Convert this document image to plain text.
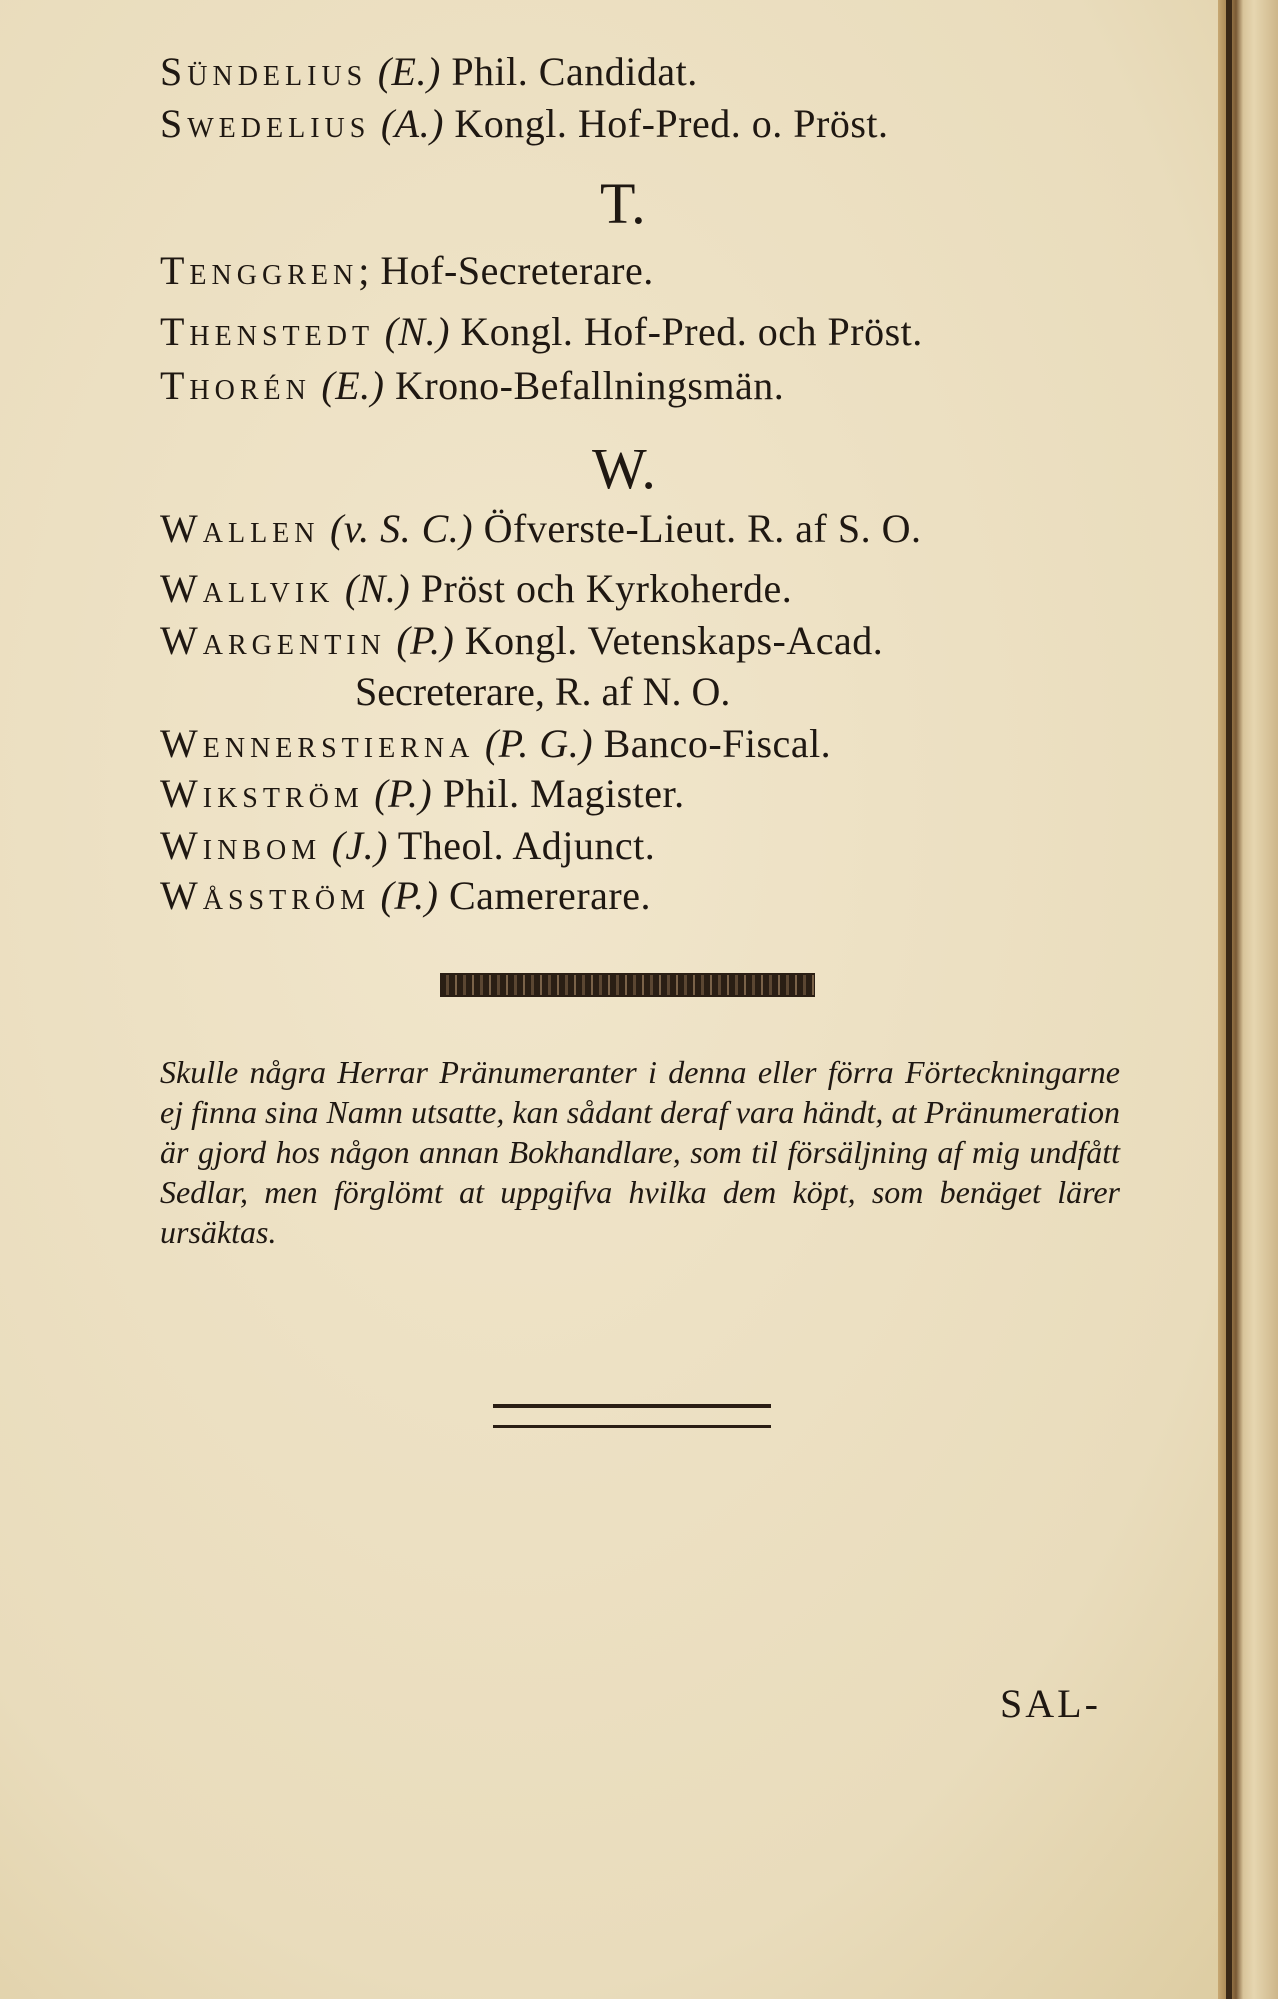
Sündelius (E.) Phil. Candidat.
Swedelius (A.) Kongl. Hof-Pred. o. Pröst.
T.
Tenggren; Hof-Secreterare.
Thenstedt (N.) Kongl. Hof-Pred. och Pröst.
Thorén (E.) Krono-Befallningsmän.
W.
Wallen (v. S. C.) Öfverste-Lieut. R. af S. O.
Wallvik (N.) Pröst och Kyrkoherde.
Wargentin (P.) Kongl. Vetenskaps-Acad.
Secreterare, R. af N. O.
Wennerstierna (P. G.) Banco-Fiscal.
Wikström (P.) Phil. Magister.
Winbom (J.) Theol. Adjunct.
Wåsström (P.) Camererare.
Skulle några Herrar Pränumeranter i denna eller förra Förteckningarne ej finna sina Namn utsatte, kan sådant deraf vara händt, at Pränumeration är gjord hos någon annan Bokhandlare, som til försäljning af mig undfått Sedlar, men förglömt at uppgifva hvilka dem köpt, som benäget lärer ursäktas.
SAL-
